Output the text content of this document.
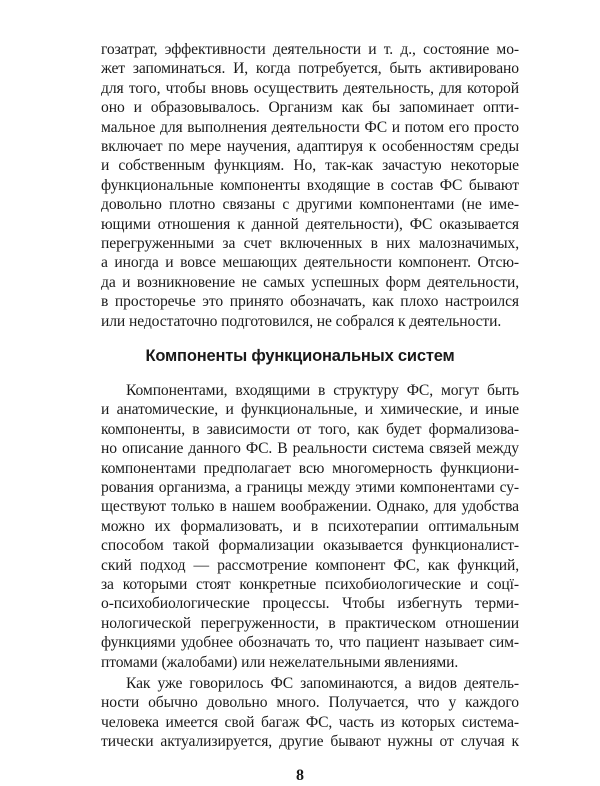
гозатрат, эффективности деятельности и т. д., состояние мо-
жет запоминаться. И, когда потребуется, быть активировано
для того, чтобы вновь осуществить деятельность, для которой
оно и образовывалось. Организм как бы запоминает опти-
мальное для выполнения деятельности ФС и потом его просто
включает по мере научения, адаптируя к особенностям среды
и собственным функциям. Но, так-как зачастую некоторые
функциональные компоненты входящие в состав ФС бывают
довольно плотно связаны с другими компонентами (не име-
ющими отношения к данной деятельности), ФС оказывается
перегруженными за счет включенных в них малозначимых,
а иногда и вовсе мешающих деятельности компонент. Отсю-
да и возникновение не самых успешных форм деятельности,
в просторечье это принято обозначать, как плохо настроился
или недостаточно подготовился, не собрался к деятельности.
Компоненты функциональных систем
Компонентами, входящими в структуру ФС, могут быть
и анатомические, и функциональные, и химические, и иные
компоненты, в зависимости от того, как будет формализова-
но описание данного ФС. В реальности система связей между
компонентами предполагает всю многомерность функциони-
рования организма, а границы между этими компонентами су-
ществуют только в нашем воображении. Однако, для удобства
можно их формализовать, и в психотерапии оптимальным
способом такой формализации оказывается функционалист-
ский подход — рассмотрение компонент ФС, как функций,
за которыми стоят конкретные психобиологические и соцї-
о-психобиологические процессы. Чтобы избегнуть терми-
нологической перегруженности, в практическом отношении
функциями удобнее обозначать то, что пациент называет сим-
птомами (жалобами) или нежелательными явлениями.
Как уже говорилось ФС запоминаются, а видов деятель-
ности обычно довольно много. Получается, что у каждого
человека имеется свой багаж ФС, часть из которых системa-
тически актуализируется, другие бывают нужны от случая к
8
